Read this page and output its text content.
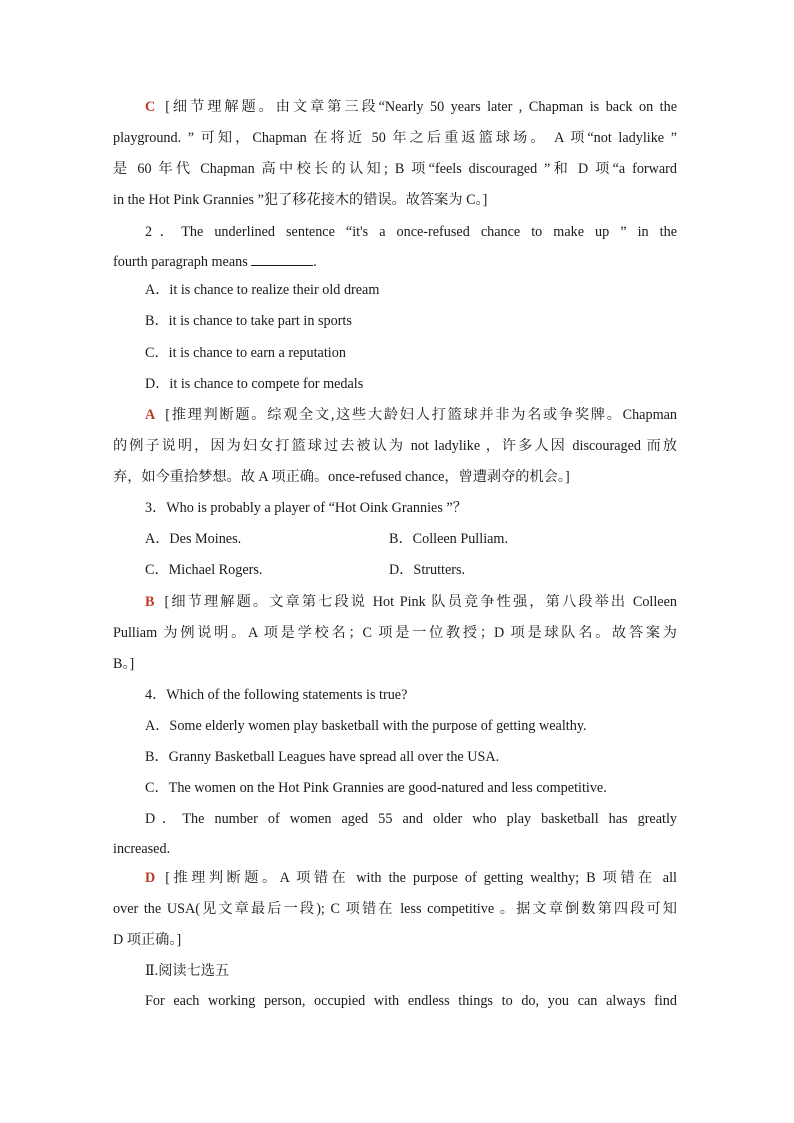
C [细节理解题。由文章第三段“Nearly 50 years later , Chapman is back on the
playground. ” 可知，Chapman 在将近 50 年之后重返篮球场。 A 项“not ladylike ”
是 60 年代 Chapman 高中校长的认知; B 项“feels discouraged ”和 D 项“a forward
in the Hot Pink Grannies ”犯了移花接木的错误。故答案为 C。]
2．The underlined sentence “it's a once-refused chance to make up ” in the
fourth paragraph means	.
A．it is chance to realize their old dream
B．it is chance to take part in sports
C．it is chance to earn a reputation
D．it is chance to compete for medals
A [推理判断题。综观全文,这些大龄妇人打篮球并非为名或争奖牌。Chapman
的例子说明，因为妇女打篮球过去被认为 not ladylike ，许多人因 discouraged 而放
弃，如今重拾梦想。故 A 项正确。once-refused chance，曾遭剥夺的机会。]
3．Who is probably a player of “Hot Oink Grannies ”？
A．Des Moines.	B．Colleen Pulliam.
C．Michael Rogers.	D．Strutters.
B [细节理解题。文章第七段说 Hot Pink 队员竞争性强，第八段举出 Colleen
Pulliam 为例说明。A 项是学校名；C 项是一位教授；D 项是球队名。故答案为
B。]
4．Which of the following statements is true?
A．Some elderly women play basketball with the purpose of getting wealthy.
B．Granny Basketball Leagues have spread all over the USA.
C．The women on the Hot Pink Grannies are good-natured and less competitive.
D．The number of women aged 55 and older who play basketball has greatly
increased.
D [推理判断题。A 项错在 with the purpose of getting wealthy; B 项错在 all
over the USA(见文章最后一段); C 项错在 less competitive 。据文章倒数第四段可知
D 项正确。]
Ⅱ.阅读七选五
For each working person, occupied with endless things to do, you can always find
